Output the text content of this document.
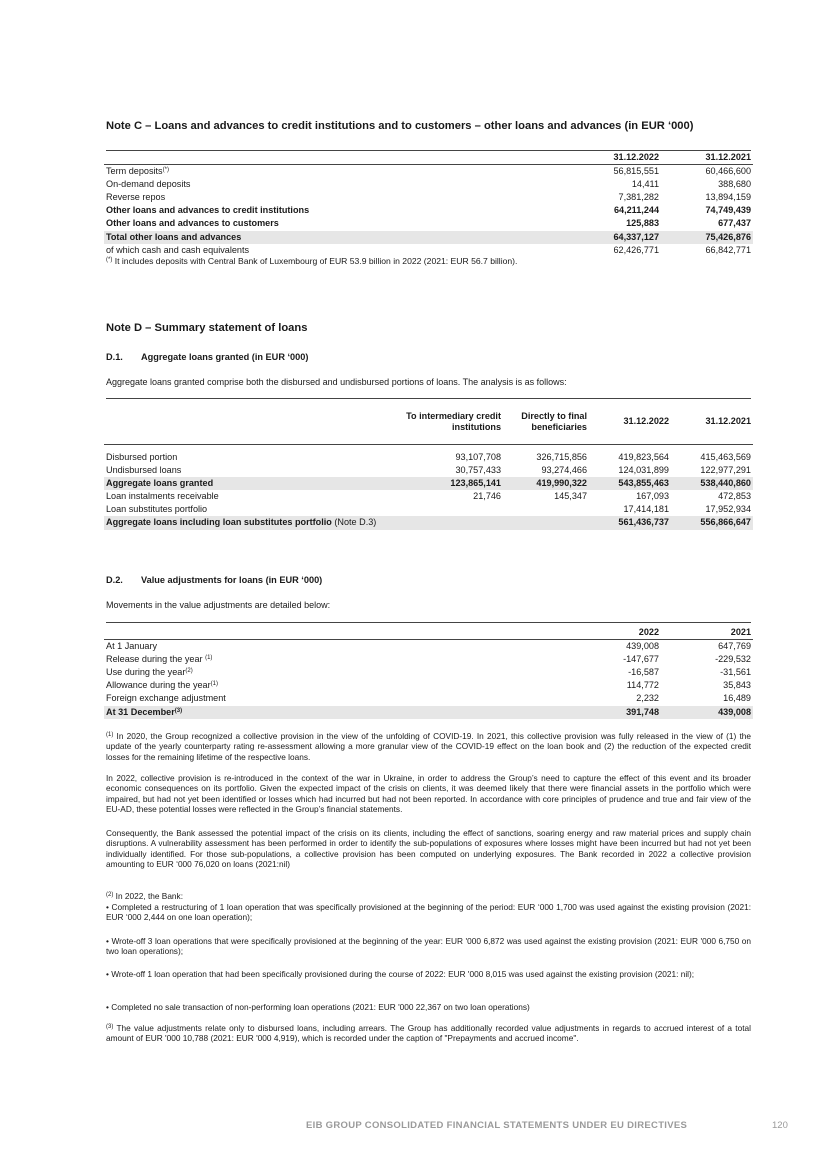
Note C – Loans and advances to credit institutions and to customers – other loans and advances (in EUR ‘000)
	31.12.2022	31.12.2021
Term deposits(*)	56,815,551	60,466,600
On-demand deposits	14,411	388,680
Reverse repos	7,381,282	13,894,159
Other loans and advances to credit institutions	64,211,244	74,749,439
Other loans and advances to customers	125,883	677,437
Total other loans and advances	64,337,127	75,426,876
of which cash and cash equivalents	62,426,771	66,842,771
(*) It includes deposits with Central Bank of Luxembourg of EUR 53.9 billion in 2022 (2021: EUR 56.7 billion).
Note D – Summary statement of loans
D.1. Aggregate loans granted (in EUR ‘000)
Aggregate loans granted comprise both the disbursed and undisbursed portions of loans. The analysis is as follows:
	To intermediary credit institutions	Directly to final beneficiaries	31.12.2022	31.12.2021

Disbursed portion	93,107,708	326,715,856	419,823,564	415,463,569
Undisbursed loans	30,757,433	93,274,466	124,031,899	122,977,291
Aggregate loans granted	123,865,141	419,990,322	543,855,463	538,440,860
Loan instalments receivable	21,746	145,347	167,093	472,853
Loan substitutes portfolio			17,414,181	17,952,934
Aggregate loans including loan substitutes portfolio (Note D.3)			561,436,737	556,866,647
D.2. Value adjustments for loans (in EUR ‘000)
Movements in the value adjustments are detailed below:
	2022	2021
At 1 January	439,008	647,769
Release during the year $^{(1)}$	-147,677	-229,532
Use during the year$^{(2)}$	-16,587	-31,561
Allowance during the year$^{(1)}$	114,772	35,843
Foreign exchange adjustment	2,232	16,489
At 31 December$^{(3)}$	391,748	439,008
$^{(1)}$ In 2020, the Group recognized a collective provision in the view of the unfolding of COVID-19. In 2021, this collective provision was fully released in the view of (1) the update of the yearly counterparty rating re-assessment allowing a more granular view of the COVID-19 effect on the loan book and (2) the reduction of the expected credit losses for the remaining lifetime of the respective loans.
In 2022, collective provision is re-introduced in the context of the war in Ukraine, in order to address the Group’s need to capture the effect of this event and its broader economic consequences on its portfolio. Given the expected impact of the crisis on clients, it was deemed likely that there were financial assets in the portfolio which were impaired, but had not yet been identified or losses which had incurred but had not been reported. In accordance with core principles of prudence and true and fair view of the EU-AD, these potential losses were reflected in the Group’s financial statements.
Consequently, the Bank assessed the potential impact of the crisis on its clients, including the effect of sanctions, soaring energy and raw material prices and supply chain disruptions. A vulnerability assessment has been performed in order to identify the sub-populations of exposures where losses might have been incurred but had not yet been individually identified. For those sub-populations, a collective provision has been computed on underlying exposures. The Bank recorded in 2022 a collective provision amounting to EUR ‘000 76,020 on loans (2021:nil)
$^{(2)}$ In 2022, the Bank:
• Completed a restructuring of 1 loan operation that was specifically provisioned at the beginning of the period: EUR ‘000 1,700 was used against the existing provision (2021: EUR ‘000 2,444 on one loan operation);
• Wrote-off 3 loan operations that were specifically provisioned at the beginning of the year: EUR '000 6,872 was used against the existing provision (2021: EUR '000 6,750 on two loan operations);
• Wrote-off 1 loan operation that had been specifically provisioned during the course of 2022: EUR '000 8,015 was used against the existing provision (2021: nil);
• Completed no sale transaction of non-performing loan operations (2021: EUR '000 22,367 on two loan operations)
$^{(3)}$ The value adjustments relate only to disbursed loans, including arrears. The Group has additionally recorded value adjustments in regards to accrued interest of a total amount of EUR '000 10,788 (2021: EUR '000 4,919), which is recorded under the caption of "Prepayments and accrued income".
EIB GROUP CONSOLIDATED FINANCIAL STATEMENTS UNDER EU DIRECTIVES	120
